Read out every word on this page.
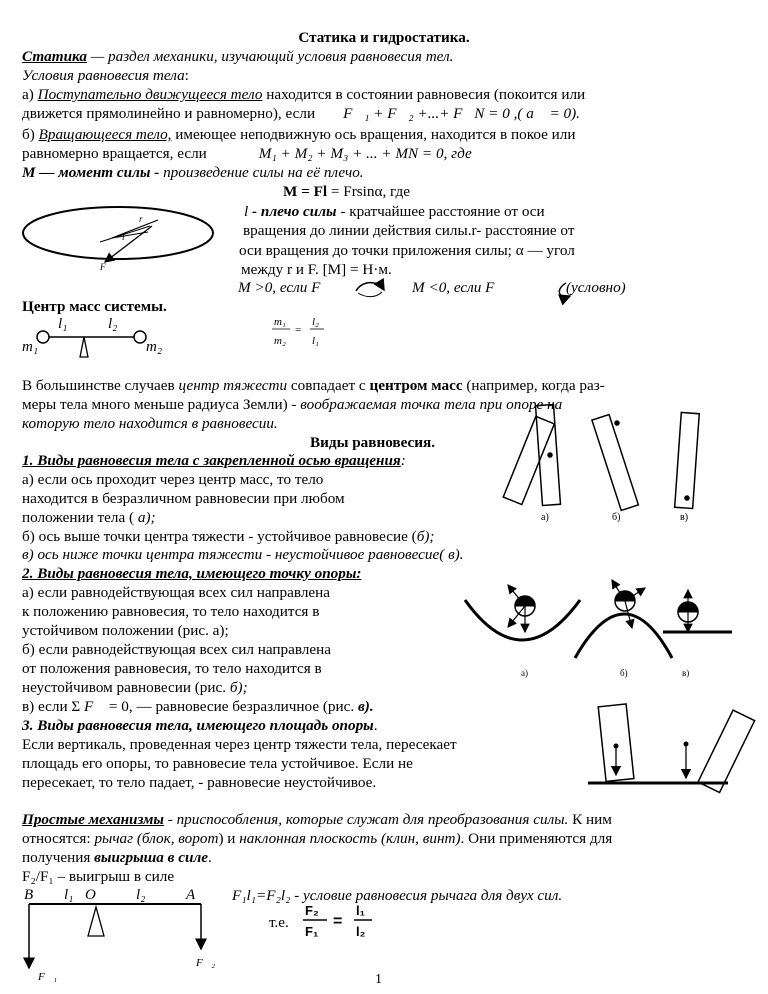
Статика и гидростатика.
Статика — раздел механики, изучающий условия равновесия тел.
Условия равновесия тела:
а) Поступательно движущееся тело находится в состоянии равновесия (покоится или
движется прямолинейно и равномерно), если F⃗₁ + F⃗₂ +...+ F⃗N = 0 ,( a⃗ = 0).
б) Вращающееся тело, имеющее неподвижную ось вращения, находится в покое или
равномерно вращается, если	M₁ + M₂ + M₃ + ... + MN = 0, где
М — момент силы - произведение силы на её плечо.
М = Fl = Frsinα, где
l - плечо силы - кратчайшее расстояние от оси
вращения до линии действия силы.r- расстояние от
оси вращения до точки приложения силы; α — угол
между r и F. [M] = Н·м.
M >0, если F	M <0, если F	(условно)
Центр масс системы.
В большинстве случаев центр тяжести совпадает с центром масс (например, когда раз-
меры тела много меньше радиуса Земли) - воображаемая точка тела при опоре на
которую тело находится в равновесии.
Виды равновесия.
1. Виды равновесия тела с закрепленной осью вращения:
а) если ось проходит через центр масс, то тело
находится в безразличном равновесии при любом
положении тела ( а);
б) ось выше точки центра тяжести - устойчивое равновесие (б);
в) ось ниже точки центра тяжести - неустойчивое равновесие( в).
2. Виды равновесия тела, имеющего точку опоры:
а) если равнодействующая всех сил направлена
к положению равновесия, то тело находится в
устойчивом положении (рис. а);
б) если равнодействующая всех сил направлена
от положения равновесия, то тело находится в
неустойчивом равновесии (рис. б);
в) если Σ F⃗ = 0, — равновесие безразличное (рис. в).
3. Виды равновесия тела, имеющего площадь опоры.
Если вертикаль, проведенная через центр тяжести тела, пересекает
площадь его опоры, то равновесие тела устойчивое. Если не
пересекает, то тело падает, - равновесие неустойчивое.
Простые механизмы - приспособления, которые служат для преобразования силы. К ним
относятся: рычаг (блок, ворот) и наклонная плоскость (клин, винт). Они применяются для
получения выигрыша в силе.
F₂/F₁ – выигрыш в силе
F₁l₁=F₂l₂ - условие равновесия рычага для двух сил.
т.е.
1
r
l
F
l₁	l₂
m₁	m₂
m₁
m₂
=
l₂
l₁
а)	б)	в)
а)	б)	в)
B l₁ O	l₂	A
F⃗₁
F⃗₂
F₂
F₁
=
l₁
l₂
